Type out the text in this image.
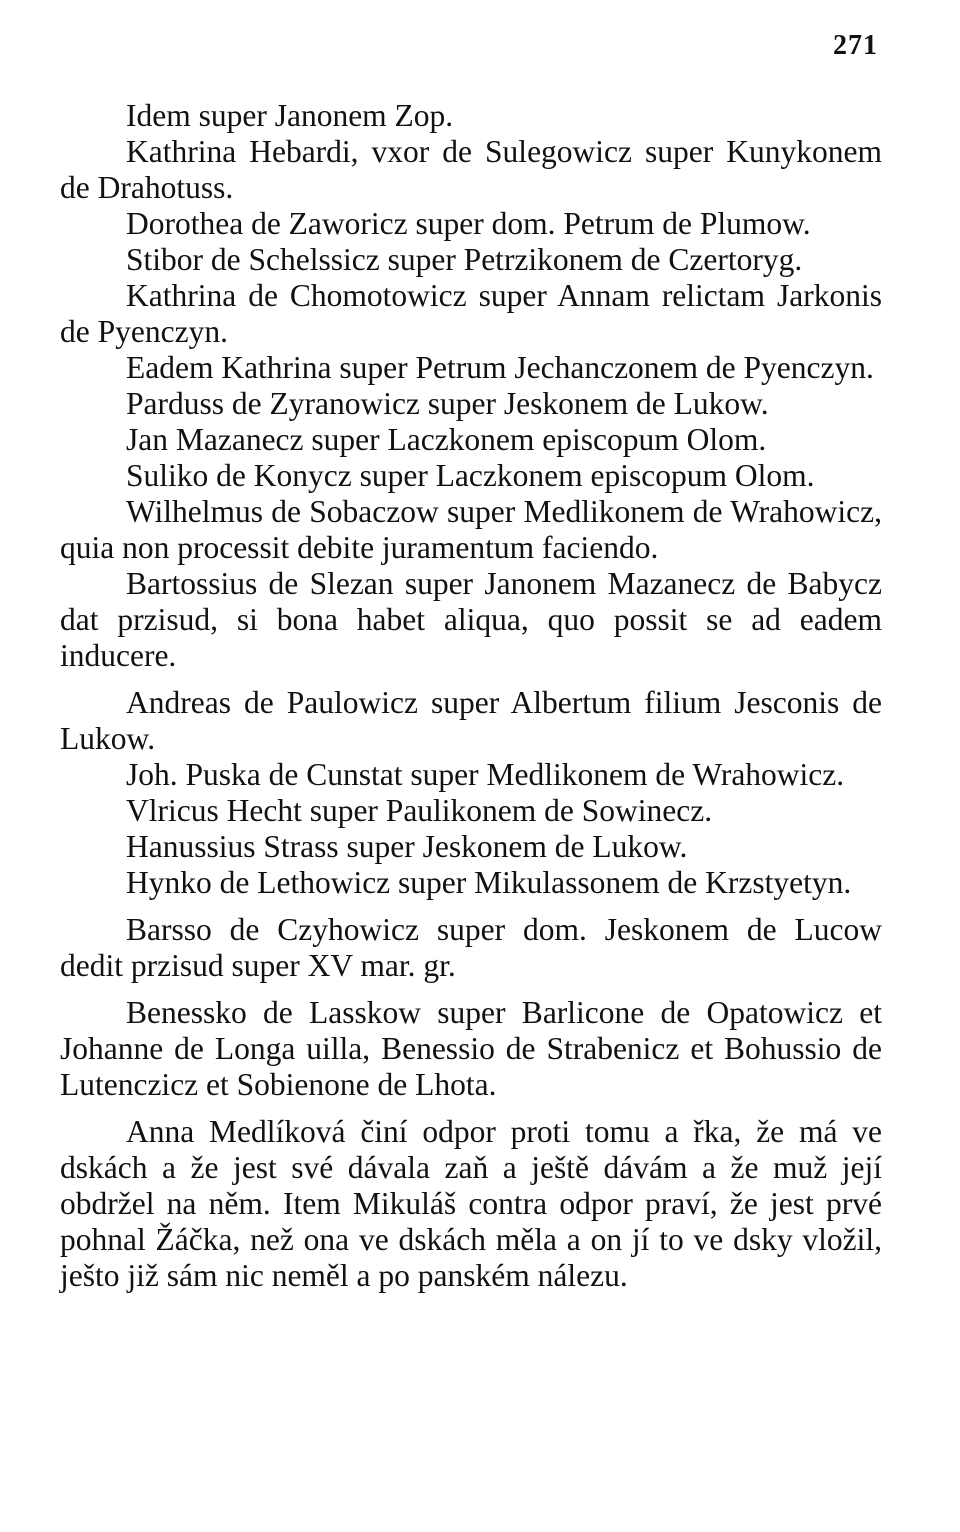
271

Idem super Janonem Zop.

Kathrina Hebardi, vxor de Sulegowicz super Kunykonem de Drahotuss.

Dorothea de Zaworicz super dom. Petrum de Plumow.

Stibor de Schelssicz super Petrzikonem de Czertoryg.

Kathrina de Chomotowicz super Annam relictam Jarkonis de Pyenczyn.

Eadem Kathrina super Petrum Jechanczonem de Pyenczyn.

Parduss de Zyranowicz super Jeskonem de Lukow.

Jan Mazanecz super Laczkonem episcopum Olom.

Suliko de Konycz super Laczkonem episcopum Olom.

Wilhelmus de Sobaczow super Medlikonem de Wrahowicz, quia non processit debite juramentum faciendo.

Bartossius de Slezan super Janonem Mazanecz de Babycz dat przisud, si bona habet aliqua, quo possit se ad eadem inducere.

Andreas de Paulowicz super Albertum filium Jesconis de Lukow.

Joh. Puska de Cunstat super Medlikonem de Wrahowicz.

Vlricus Hecht super Paulikonem de Sowinecz.

Hanussius Strass super Jeskonem de Lukow.

Hynko de Lethowicz super Mikulassonem de Krzstyetyn.

Barsso de Czyhowicz super dom. Jeskonem de Lucow dedit przisud super XV mar. gr.

Benessko de Lasskow super Barlicone de Opatowicz et Johanne de Longa uilla, Benessio de Strabenicz et Bohussio de Lutenczicz et Sobienone de Lhota.

Anna Medlíková činí odpor proti tomu a řka, že má ve dskách a že jest své dávala zaň a ještě dávám a že muž její obdržel na něm. Item Mikuláš contra odpor praví, že jest prvé pohnal Žáčka, než ona ve dskách měla a on jí to ve dsky vložil, ješto již sám nic neměl a po panském nálezu.
